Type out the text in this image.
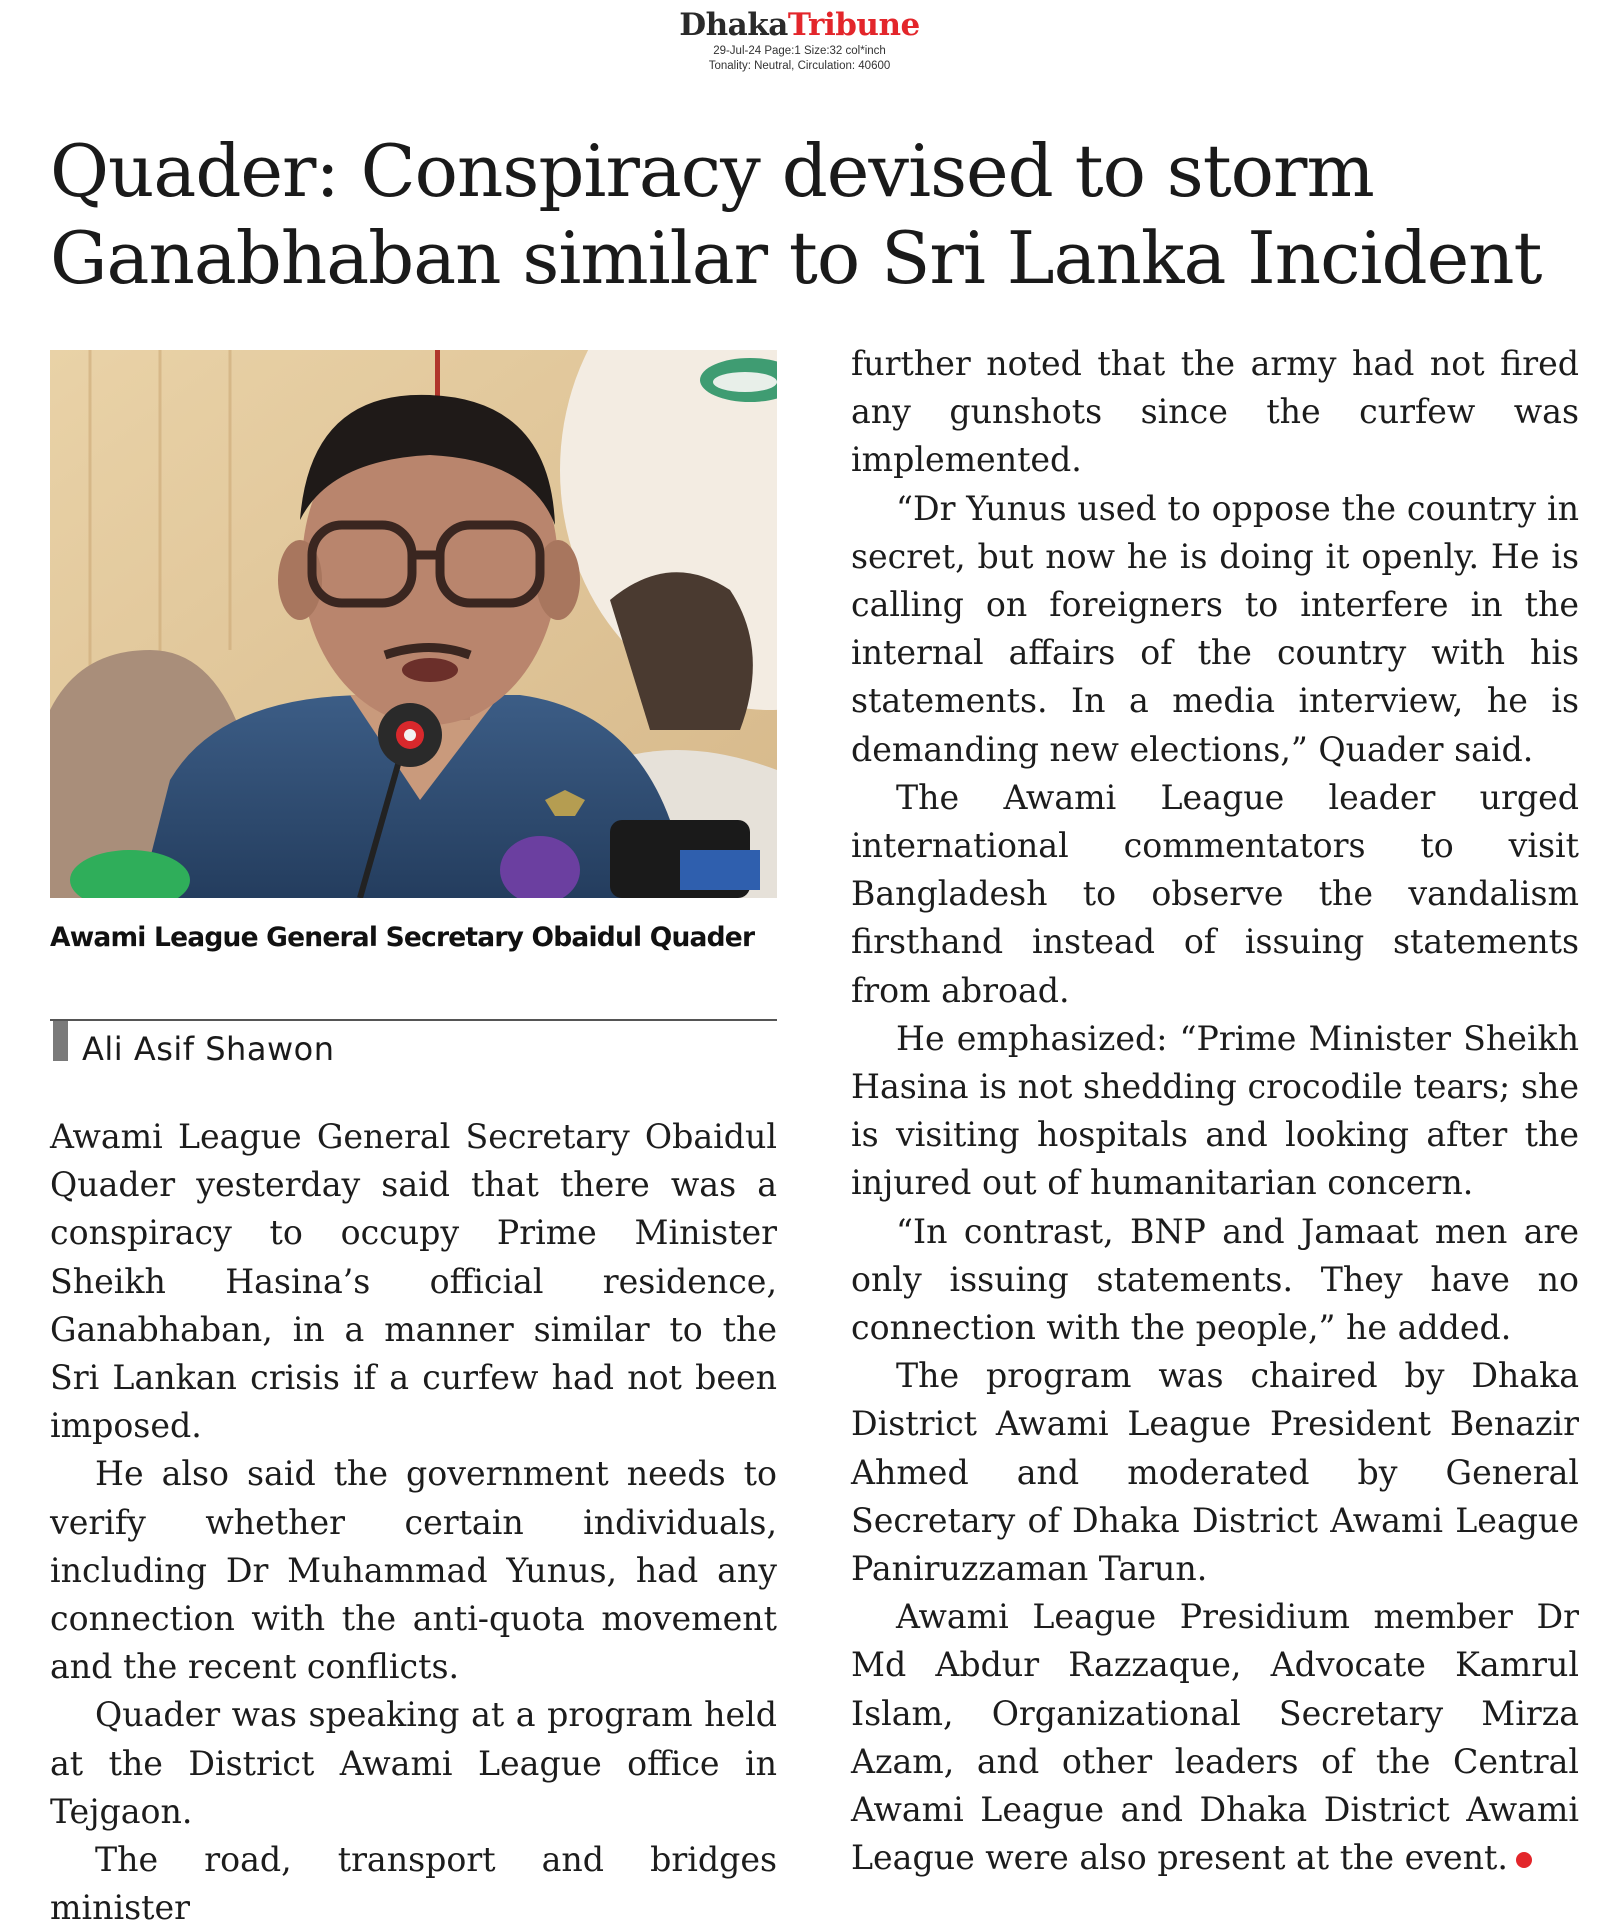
DhakaTribune
29-Jul-24 Page:1 Size:32 col*inch
Tonality: Neutral, Circulation: 40600
Quader: Conspiracy devised to storm
Ganabhaban similar to Sri Lanka Incident
Awami League General Secretary Obaidul Quader
Ali Asif Shawon

Awami League General Secretary Obaidul Quader yesterday said that there was a conspiracy to occupy Prime Minister Sheikh Hasina’s official residence, Ganabhaban, in a manner similar to the Sri Lankan crisis if a curfew had not been imposed.

He also said the government needs to verify whether certain individuals, including Dr Muhammad Yunus, had any connection with the anti-quota movement and the recent conflicts.

Quader was speaking at a program held at the District Awami League office in Tejgaon.

The road, transport and bridges minister

further noted that the army had not fired any gunshots since the curfew was implemented.

“Dr Yunus used to oppose the country in secret, but now he is doing it openly. He is calling on foreigners to interfere in the internal affairs of the country with his statements. In a media interview, he is demanding new elections,” Quader said.

The Awami League leader urged international commentators to visit Bangladesh to observe the vandalism firsthand instead of issuing statements from abroad.

He emphasized: “Prime Minister Sheikh Hasina is not shedding crocodile tears; she is visiting hospitals and looking after the injured out of humanitarian concern.

“In contrast, BNP and Jamaat men are only issuing statements. They have no connection with the people,” he added.

The program was chaired by Dhaka District Awami League President Benazir Ahmed and moderated by General Secretary of Dhaka District Awami League Paniruzzaman Tarun.

Awami League Presidium member Dr Md Abdur Razzaque, Advocate Kamrul Islam, Organizational Secretary Mirza Azam, and other leaders of the Central Awami League and Dhaka District Awami League were also present at the event.
